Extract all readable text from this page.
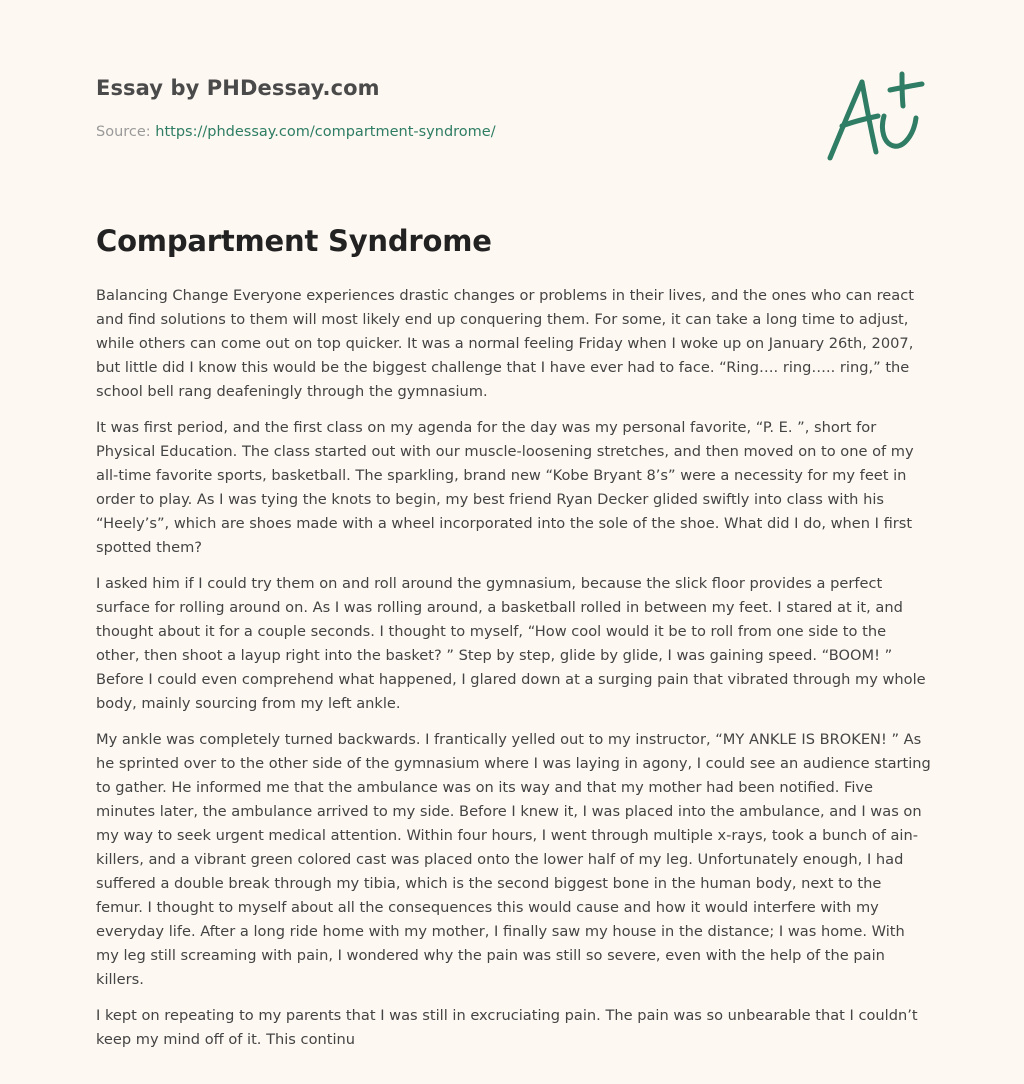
Essay by PHDessay.com
Source: https://phdessay.com/compartment-syndrome/
Compartment Syndrome

Balancing Change Everyone experiences drastic changes or problems in their lives, and the ones who can react and find solutions to them will most likely end up conquering them. For some, it can take a long time to adjust, while others can come out on top quicker. It was a normal feeling Friday when I woke up on January 26th, 2007, but little did I know this would be the biggest challenge that I have ever had to face. “Ring…. ring….. ring,” the school bell rang deafeningly through the gymnasium.

It was first period, and the first class on my agenda for the day was my personal favorite, “P. E. ”, short for Physical Education. The class started out with our muscle-loosening stretches, and then moved on to one of my all-time favorite sports, basketball. The sparkling, brand new “Kobe Bryant 8’s” were a necessity for my feet in order to play. As I was tying the knots to begin, my best friend Ryan Decker glided swiftly into class with his “Heely’s”, which are shoes made with a wheel incorporated into the sole of the shoe. What did I do, when I first spotted them?

I asked him if I could try them on and roll around the gymnasium, because the slick floor provides a perfect surface for rolling around on. As I was rolling around, a basketball rolled in between my feet. I stared at it, and thought about it for a couple seconds. I thought to myself, “How cool would it be to roll from one side to the other, then shoot a layup right into the basket? ” Step by step, glide by glide, I was gaining speed. “BOOM! ” Before I could even comprehend what happened, I glared down at a surging pain that vibrated through my whole body, mainly sourcing from my left ankle.

My ankle was completely turned backwards. I frantically yelled out to my instructor, “MY ANKLE IS BROKEN! ” As he sprinted over to the other side of the gymnasium where I was laying in agony, I could see an audience starting to gather. He informed me that the ambulance was on its way and that my mother had been notified. Five minutes later, the ambulance arrived to my side. Before I knew it, I was placed into the ambulance, and I was on my way to seek urgent medical attention. Within four hours, I went through multiple x-rays, took a bunch of ain-killers, and a vibrant green colored cast was placed onto the lower half of my leg. Unfortunately enough, I had suffered a double break through my tibia, which is the second biggest bone in the human body, next to the femur. I thought to myself about all the consequences this would cause and how it would interfere with my everyday life. After a long ride home with my mother, I finally saw my house in the distance; I was home. With my leg still screaming with pain, I wondered why the pain was still so severe, even with the help of the pain killers.

I kept on repeating to my parents that I was still in excruciating pain. The pain was so unbearable that I couldn’t keep my mind off of it. This continu
